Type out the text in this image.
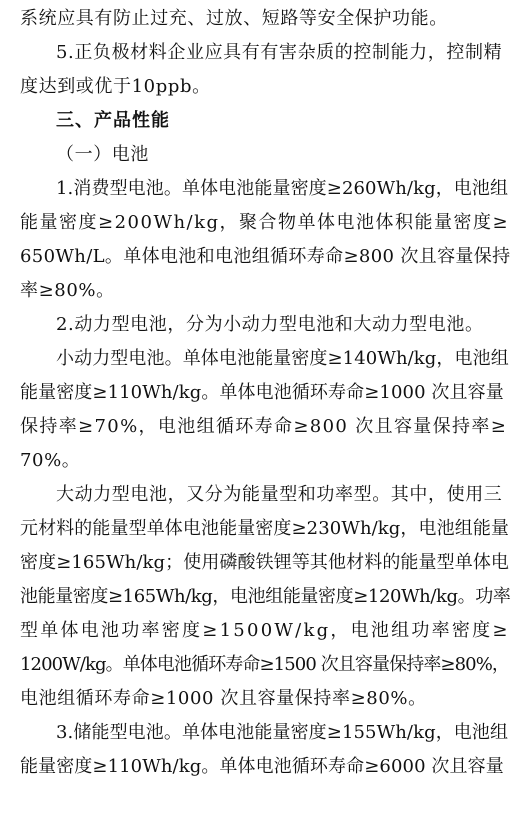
系统应具有防止过充、过放、短路等安全保护功能。
5.正负极材料企业应具有有害杂质的控制能力，控制精
度达到或优于10ppb。
三、产品性能
（一）电池
1.消费型电池。单体电池能量密度≥260Wh/kg，电池组
能量密度≥200Wh/kg，聚合物单体电池体积能量密度≥
650Wh/L。单体电池和电池组循环寿命≥800 次且容量保持
率≥80%。
2.动力型电池，分为小动力型电池和大动力型电池。
小动力型电池。单体电池能量密度≥140Wh/kg，电池组
能量密度≥110Wh/kg。单体电池循环寿命≥1000 次且容量
保持率≥70%，电池组循环寿命≥800 次且容量保持率≥
70%。
大动力型电池，又分为能量型和功率型。其中，使用三
元材料的能量型单体电池能量密度≥230Wh/kg，电池组能量
密度≥165Wh/kg；使用磷酸铁锂等其他材料的能量型单体电
池能量密度≥165Wh/kg，电池组能量密度≥120Wh/kg。功率
型单体电池功率密度≥1500W/kg，电池组功率密度≥
1200W/kg。单体电池循环寿命≥1500 次且容量保持率≥80%，
电池组循环寿命≥1000 次且容量保持率≥80%。
3.储能型电池。单体电池能量密度≥155Wh/kg，电池组
能量密度≥110Wh/kg。单体电池循环寿命≥6000 次且容量
